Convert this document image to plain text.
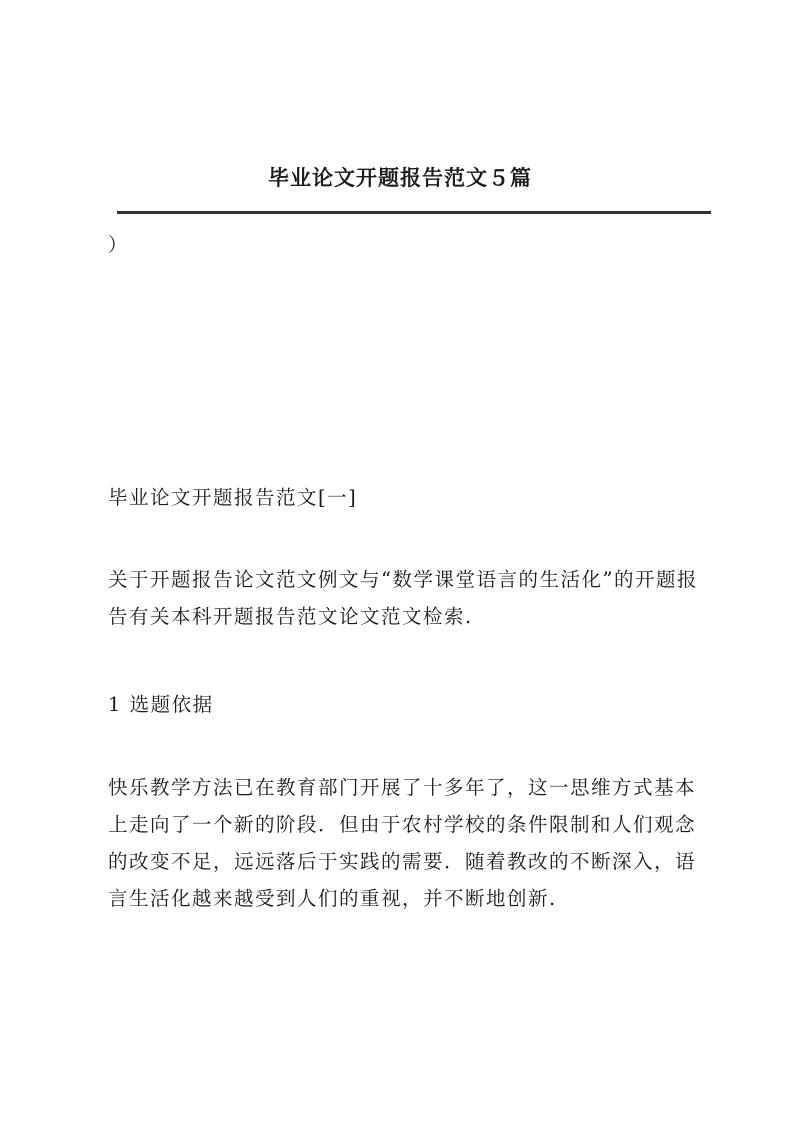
毕业论文开题报告范文５篇
）

毕业论文开题报告范文[一]

关于开题报告论文范文例文与“数学课堂语言的生活化”的开题报告有关本科开题报告范文论文范文检索.

1 选题依据

快乐教学方法已在教育部门开展了十多年了，这一思维方式基本上走向了一个新的阶段．但由于农村学校的条件限制和人们观念的改变不足，远远落后于实践的需要．随着教改的不断深入，语言生活化越来越受到人们的重视，并不断地创新.
